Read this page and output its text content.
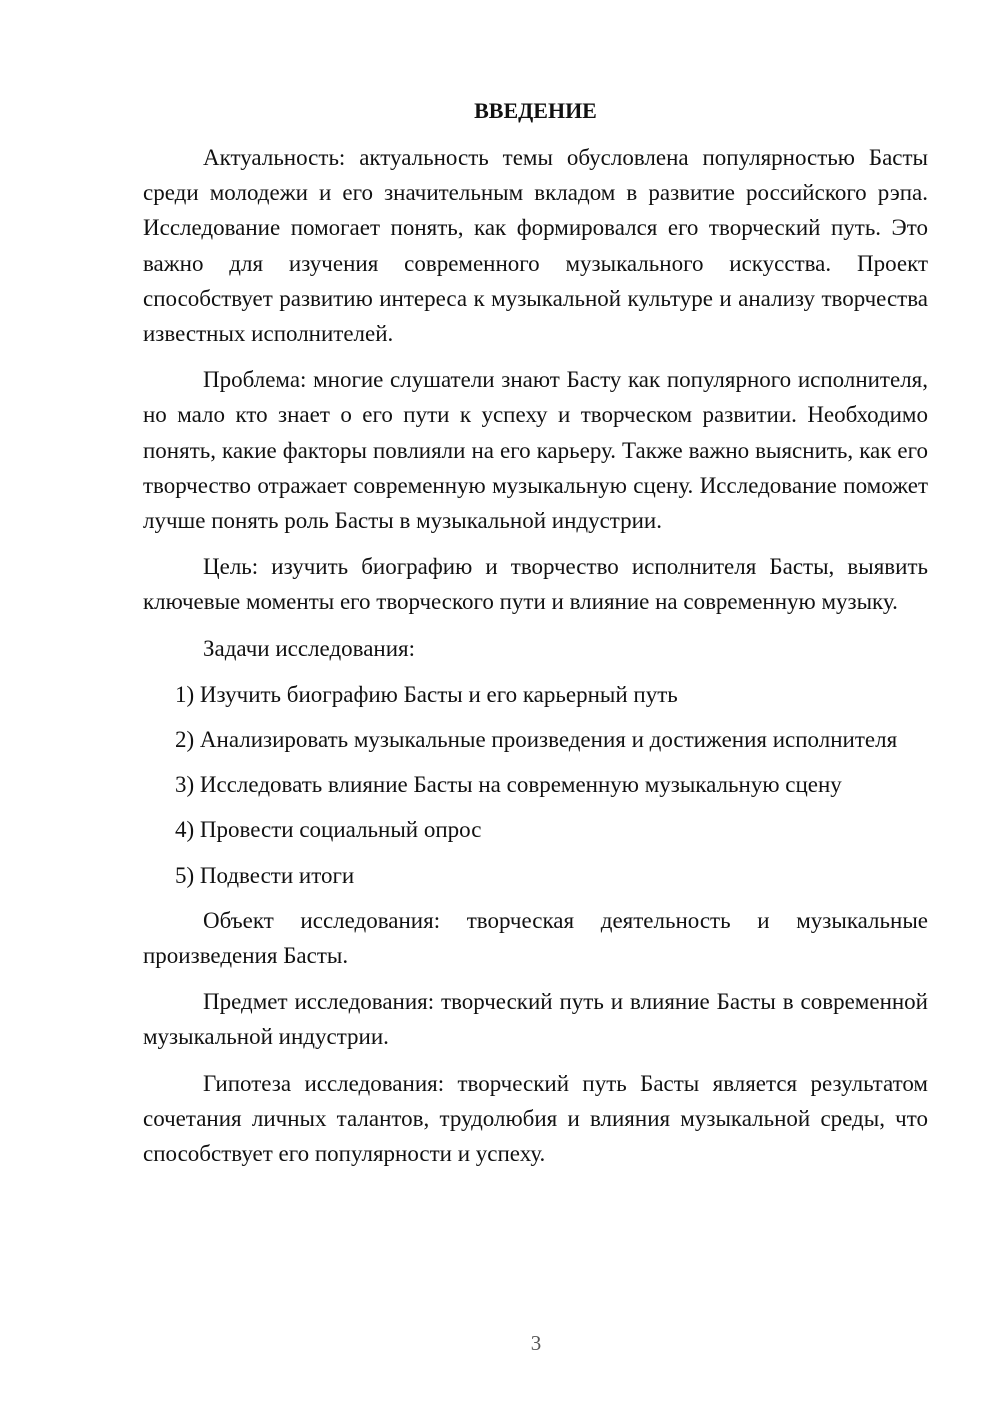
ВВЕДЕНИЕ

Актуальность: актуальность темы обусловлена популярностью Басты среди молодежи и его значительным вкладом в развитие российского рэпа. Исследование помогает понять, как формировался его творческий путь. Это важно для изучения современного музыкального искусства. Проект способствует развитию интереса к музыкальной культуре и анализу творчества известных исполнителей.

Проблема: многие слушатели знают Басту как популярного исполнителя, но мало кто знает о его пути к успеху и творческом развитии. Необходимо понять, какие факторы повлияли на его карьеру. Также важно выяснить, как его творчество отражает современную музыкальную сцену. Исследование поможет лучше понять роль Басты в музыкальной индустрии.

Цель: изучить биографию и творчество исполнителя Басты, выявить ключевые моменты его творческого пути и влияние на современную музыку.

Задачи исследования:

1) Изучить биографию Басты и его карьерный путь

2) Анализировать музыкальные произведения и достижения исполнителя

3) Исследовать влияние Басты на современную музыкальную сцену

4) Провести социальный опрос

5) Подвести итоги

Объект исследования: творческая деятельность и музыкальные произведения Басты.

Предмет исследования: творческий путь и влияние Басты в современной музыкальной индустрии.

Гипотеза исследования: творческий путь Басты является результатом сочетания личных талантов, трудолюбия и влияния музыкальной среды, что способствует его популярности и успеху.

3
